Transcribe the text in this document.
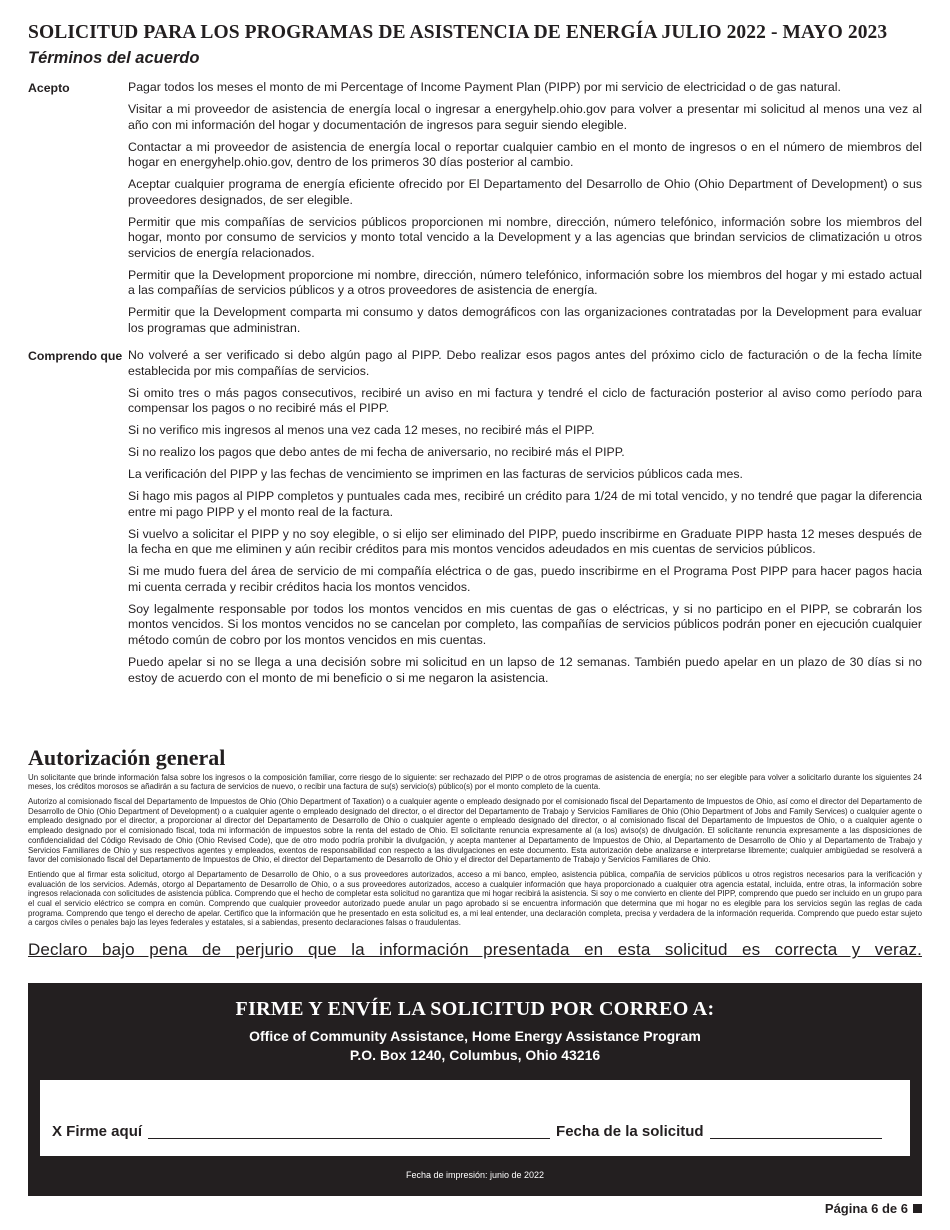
SOLICITUD PARA LOS PROGRAMAS DE ASISTENCIA DE ENERGÍA JULIO 2022 - MAYO 2023
Términos del acuerdo
Acepto	Pagar todos los meses el monto de mi Percentage of Income Payment Plan (PIPP) por mi servicio de electricidad o de gas natural.

Visitar a mi proveedor de asistencia de energía local o ingresar a energyhelp.ohio.gov para volver a presentar mi solicitud al menos una vez al año con mi información del hogar y documentación de ingresos para seguir siendo elegible.

Contactar a mi proveedor de asistencia de energía local o reportar cualquier cambio en el monto de ingresos o en el número de miembros del hogar en energyhelp.ohio.gov, dentro de los primeros 30 días posterior al cambio.

Aceptar cualquier programa de energía eficiente ofrecido por El Departamento del Desarrollo de Ohio (Ohio Department of Development) o sus proveedores designados, de ser elegible.

Permitir que mis compañías de servicios públicos proporcionen mi nombre, dirección, número telefónico, información sobre los miembros del hogar, monto por consumo de servicios y monto total vencido a la Development y a las agencias que brindan servicios de climatización u otros servicios de energía relacionados.

Permitir que la Development proporcione mi nombre, dirección, número telefónico, información sobre los miembros del hogar y mi estado actual a las compañías de servicios públicos y a otros proveedores de asistencia de energía.

Permitir que la Development comparta mi consumo y datos demográficos con las organizaciones contratadas por la Development para evaluar los programas que administran.

Comprendo que No volveré a ser verificado si debo algún pago al PIPP. Debo realizar esos pagos antes del próximo ciclo de facturación o de la fecha límite establecida por mis compañías de servicios.

Si omito tres o más pagos consecutivos, recibiré un aviso en mi factura y tendré el ciclo de facturación posterior al aviso como período para compensar los pagos o no recibiré más el PIPP.

Si no verifico mis ingresos al menos una vez cada 12 meses, no recibiré más el PIPP.

Si no realizo los pagos que debo antes de mi fecha de aniversario, no recibiré más el PIPP.

La verificación del PIPP y las fechas de vencimiento se imprimen en las facturas de servicios públicos cada mes.

Si hago mis pagos al PIPP completos y puntuales cada mes, recibiré un crédito para 1/24 de mi total vencido, y no tendré que pagar la diferencia entre mi pago PIPP y el monto real de la factura.

Si vuelvo a solicitar el PIPP y no soy elegible, o si elijo ser eliminado del PIPP, puedo inscribirme en Graduate PIPP hasta 12 meses después de la fecha en que me eliminen y aún recibir créditos para mis montos vencidos adeudados en mis cuentas de servicios públicos.

Si me mudo fuera del área de servicio de mi compañía eléctrica o de gas, puedo inscribirme en el Programa Post PIPP para hacer pagos hacia mi cuenta cerrada y recibir créditos hacia los montos vencidos.

Soy legalmente responsable por todos los montos vencidos en mis cuentas de gas o eléctricas, y si no participo en el PIPP, se cobrarán los montos vencidos. Si los montos vencidos no se cancelan por completo, las compañías de servicios públicos podrán poner en ejecución cualquier método común de cobro por los montos vencidos en mis cuentas.

Puedo apelar si no se llega a una decisión sobre mi solicitud en un lapso de 12 semanas. También puedo apelar en un plazo de 30 días si no estoy de acuerdo con el monto de mi beneficio o si me negaron la asistencia.

Autorización general

Un solicitante que brinde información falsa sobre los ingresos o la composición familiar, corre riesgo de lo siguiente: ser rechazado del PIPP o de otros programas de asistencia de energía; no ser elegible para volver a solicitarlo durante los siguientes 24 meses, los créditos morosos se añadirán a su factura de servicios de nuevo, o recibir una factura de su(s) servicio(s) público(s) por el monto completo de la cuenta.

Autorizo al comisionado fiscal del Departamento de Impuestos de Ohio (Ohio Department of Taxation) o a cualquier agente o empleado designado por el comisionado fiscal del Departamento de Impuestos de Ohio, así como el director del Departamento de Desarrollo de Ohio (Ohio Department of Development) o a cualquier agente o empleado designado del director, o el director del Departamento de Trabajo y Servicios Familiares de Ohio (Ohio Department of Jobs and Family Services) o cualquier agente o empleado designado por el director, a proporcionar al director del Departamento de Desarrollo de Ohio o cualquier agente o empleado designado del director, o al comisionado fiscal del Departamento de Impuestos de Ohio, o a cualquier agente o empleado designado por el comisionado fiscal, toda mi información de impuestos sobre la renta del estado de Ohio. El solicitante renuncia expresamente al (a los) aviso(s) de divulgación. El solicitante renuncia expresamente a las disposiciones de confidencialidad del Código Revisado de Ohio (Ohio Revised Code), que de otro modo podría prohibir la divulgación, y acepta mantener al Departamento de Impuestos de Ohio, al Departamento de Desarrollo de Ohio y al Departamento de Trabajo y Servicios Familiares de Ohio y sus respectivos agentes y empleados, exentos de responsabilidad con respecto a las divulgaciones en este documento. Esta autorización debe analizarse e interpretarse libremente; cualquier ambigüedad se resolverá a favor del comisionado fiscal del Departamento de Impuestos de Ohio, el director del Departamento de Desarrollo de Ohio y el director del Departamento de Trabajo y Servicios Familiares de Ohio.

Entiendo que al firmar esta solicitud, otorgo al Departamento de Desarrollo de Ohio, o a sus proveedores autorizados, acceso a mi banco, empleo, asistencia pública, compañía de servicios públicos u otros registros necesarios para la verificación y evaluación de los servicios. Además, otorgo al Departamento de Desarrollo de Ohio, o a sus proveedores autorizados, acceso a cualquier información que haya proporcionado a cualquier otra agencia estatal, incluida, entre otras, la información sobre ingresos relacionada con solicitudes de asistencia pública. Comprendo que el hecho de completar esta solicitud no garantiza que mi hogar recibirá la asistencia. Si soy o me convierto en cliente del PIPP, comprendo que puedo ser incluido en un grupo para el cual el servicio eléctrico se compra en común. Comprendo que cualquier proveedor autorizado puede anular un pago aprobado si se encuentra información que determina que mi hogar no es elegible para los servicios según las reglas de cada programa. Comprendo que tengo el derecho de apelar. Certifico que la información que he presentado en esta solicitud es, a mi leal entender, una declaración completa, precisa y verdadera de la información requerida. Comprendo que puedo estar sujeto a cargos civiles o penales bajo las leyes federales y estatales, si a sabiendas, presento declaraciones falsas o fraudulentas.

Declaro bajo pena de perjurio que la información presentada en esta solicitud es correcta y veraz.
FIRME Y ENVÍE LA SOLICITUD POR CORREO A:
Office of Community Assistance, Home Energy Assistance Program
P.O. Box 1240, Columbus, Ohio 43216
X Firme aquí	Fecha de la solicitud
Fecha de impresión: junio de 2022
Página 6 de 6
